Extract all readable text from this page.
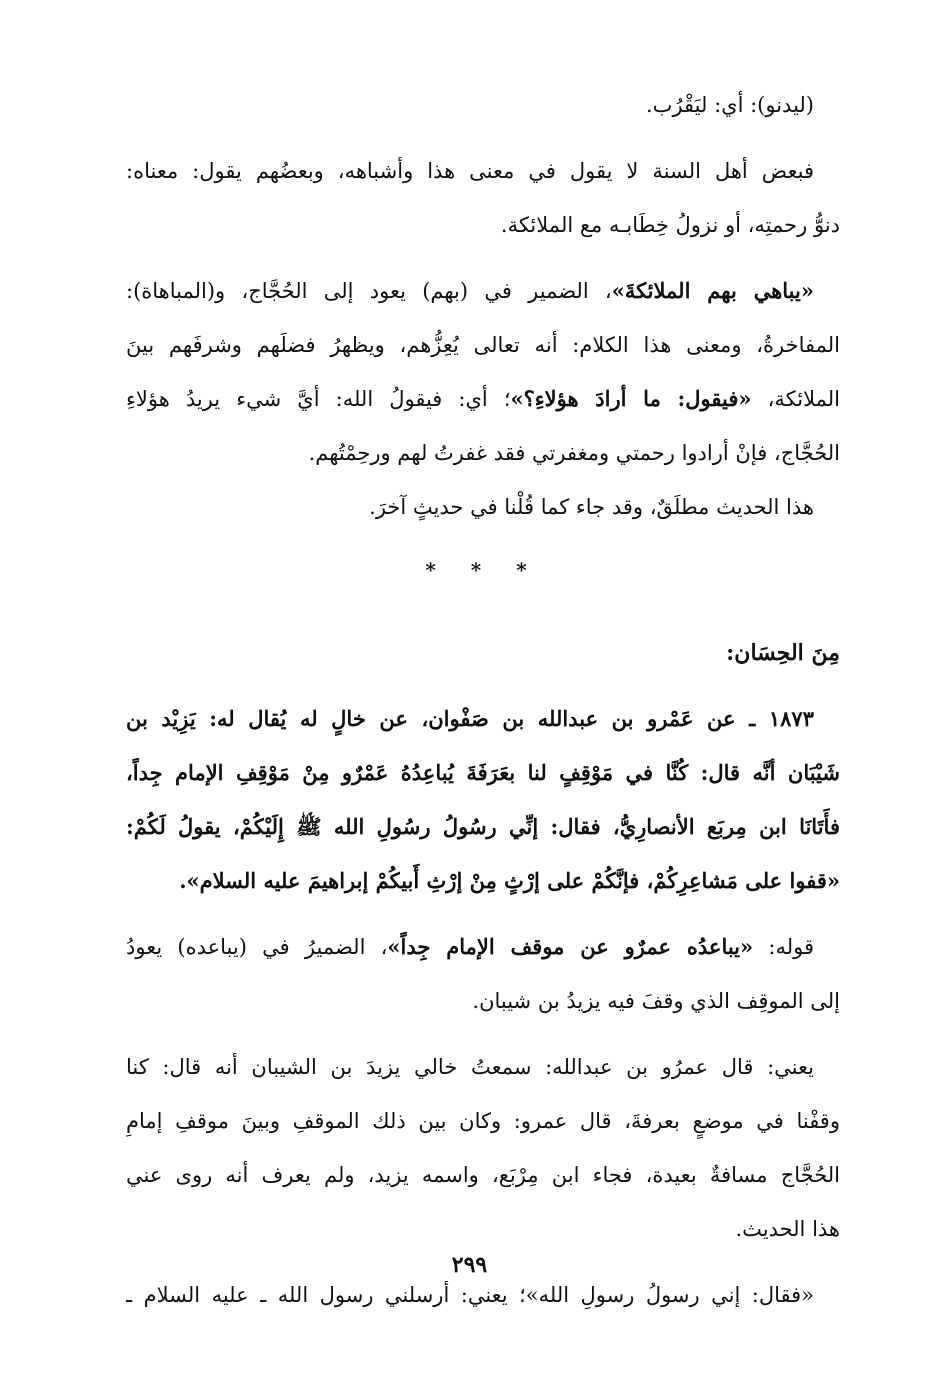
(ليدنو): أي: ليَقْرُب.
فبعض أهل السنة لا يقول في معنى هذا وأشباهه، وبعضُهم يقول: معناه:
دنوُّ رحمتِه، أو نزولُ خِطَابـه مع الملائكة.
«يباهي بهم الملائكةَ»، الضمير في (بهم) يعود إلى الحُجَّاج، و(المباهاة):
المفاخرةُ، ومعنى هذا الكلام: أنه تعالى يُعِزُّهم، ويظهرُ فضلَهم وشرفَهم بينَ
الملائكة، «فيقول: ما أرادَ هؤلاءِ؟»؛ أي: فيقولُ الله: أيَّ شيء يريدُ هؤلاءِ
الحُجَّاج، فإنْ أرادوا رحمتي ومغفرتي فقد غفرتُ لهم ورحِمْتُهم.
هذا الحديث مطلَقٌ، وقد جاء كما قُلْنا في حديثٍ آخرَ.
* * *
مِنَ الحِسَان:
١٨٧٣ ـ عن عَمْرو بن عبدالله بن صَفْوان، عن خالٍ له يُقال له: يَزِيْد بن
شَيْبَان أنَّه قال: كُنَّا في مَوْقِفٍ لنا بعَرَفَةَ يُباعِدُهُ عَمْرٌو مِنْ مَوْقِفِ الإمام جِداً،
فأَتَانَا ابن مِربَع الأنصارِيُّ، فقال: إنِّي رسُولُ رسُولِ الله ﷺ إِلَيْكُمْ، يقولُ لَكُمْ:
«قفوا على مَشاعِرِكُمْ، فإنَّكُمْ على إرْثٍ مِنْ إرْثِ أَبيكُمْ إبراهيمَ عليه السلام».
قوله: «يباعدُه عمرٌو عن موقف الإمام جِداً»، الضميرُ في (يباعده) يعودُ
إلى الموقِف الذي وقفَ فيه يزيدُ بن شيبان.
يعني: قال عمرُو بن عبدالله: سمعتُ خالي يزيدَ بن الشيبان أنه قال: كنا
وقفْنا في موضعٍ بعرفةَ، قال عمرو: وكان بين ذلك الموقفِ وبينَ موقفِ إمامِ
الحُجَّاج مسافةٌ بعيدة، فجاء ابن مِرْبَع، واسمه يزيد، ولم يعرف أنه روى عني
هذا الحديث.
«فقال: إني رسولُ رسولِ الله»؛ يعني: أرسلني رسول الله ـ عليه السلام ـ
٢٩٩
